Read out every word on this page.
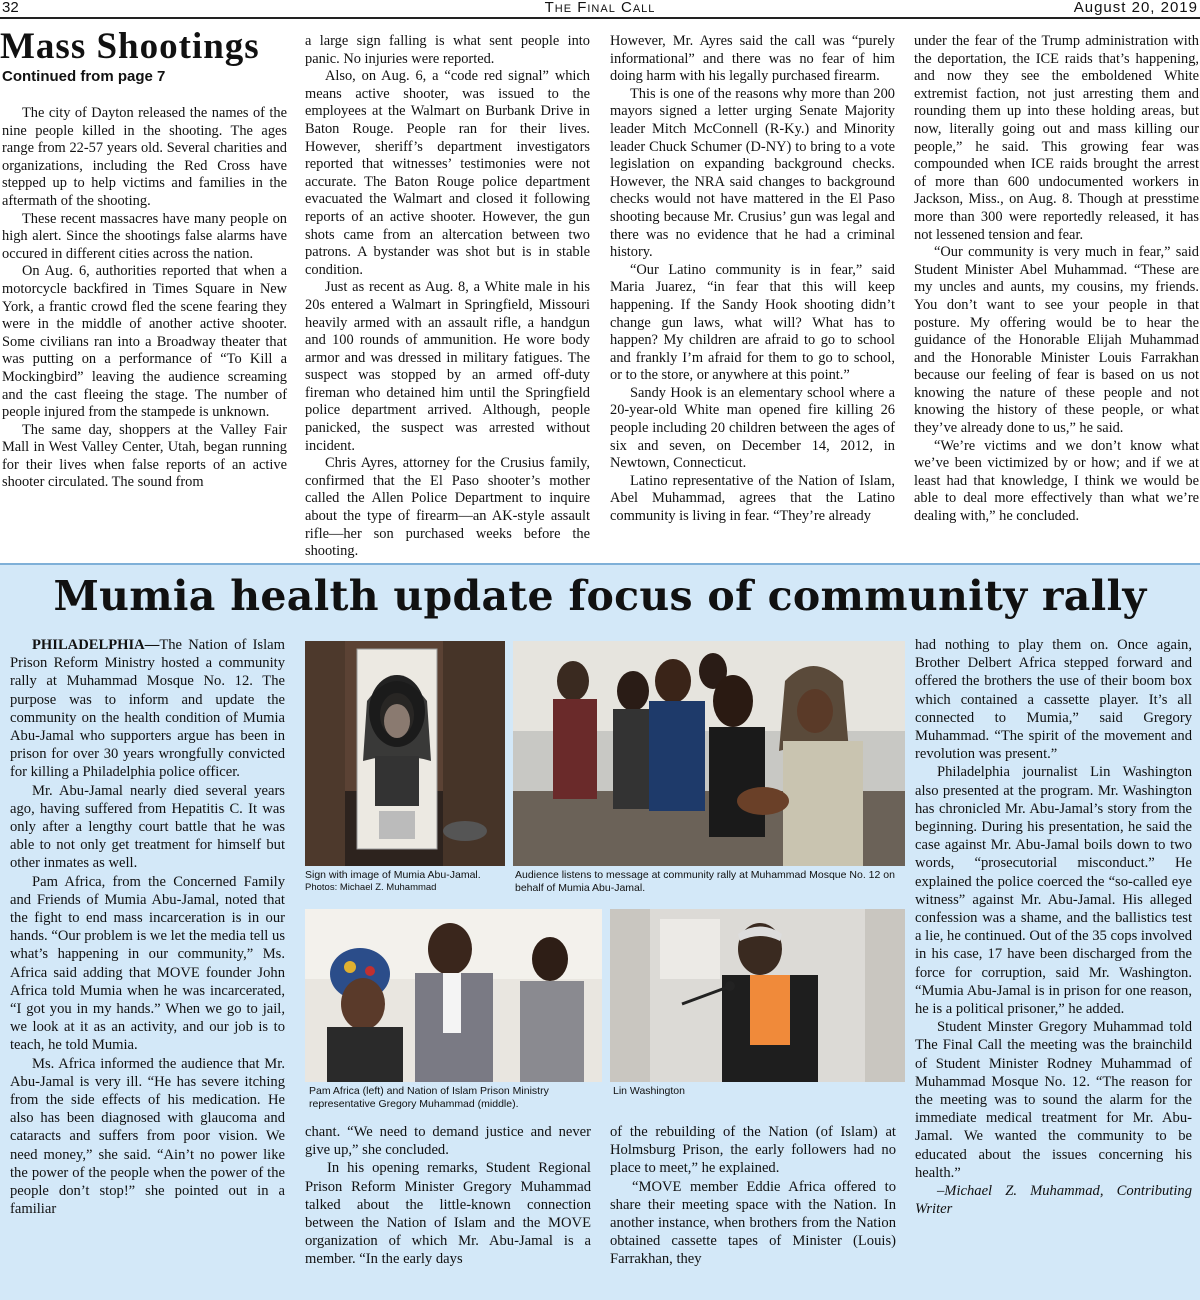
32	The Final Call	August 20, 2019
Mass Shootings
Continued from page 7

The city of Dayton released the names of the nine people killed in the shooting. The ages range from 22-57 years old. Several charities and organizations, including the Red Cross have stepped up to help victims and families in the aftermath of the shooting.

These recent massacres have many people on high alert. Since the shootings false alarms have occured in different cities across the nation.

On Aug. 6, authorities reported that when a motorcycle backfired in Times Square in New York, a frantic crowd fled the scene fearing they were in the middle of another active shooter. Some civilians ran into a Broadway theater that was putting on a performance of “To Kill a Mockingbird” leaving the audience screaming and the cast fleeing the stage. The number of people injured from the stampede is unknown.

The same day, shoppers at the Valley Fair Mall in West Valley Center, Utah, began running for their lives when false reports of an active shooter circulated. The sound from

a large sign falling is what sent people into panic. No injuries were reported.

Also, on Aug. 6, a “code red signal” which means active shooter, was issued to the employees at the Walmart on Burbank Drive in Baton Rouge. People ran for their lives. However, sheriff’s department investigators reported that witnesses’ testimonies were not accurate. The Baton Rouge police department evacuated the Walmart and closed it following reports of an active shooter. However, the gun shots came from an altercation between two patrons. A bystander was shot but is in stable condition.

Just as recent as Aug. 8, a White male in his 20s entered a Walmart in Springfield, Missouri heavily armed with an assault rifle, a handgun and 100 rounds of ammunition. He wore body armor and was dressed in military fatigues. The suspect was stopped by an armed off-duty fireman who detained him until the Springfield police department arrived. Although, people panicked, the suspect was arrested without incident.

Chris Ayres, attorney for the Crusius family, confirmed that the El Paso shooter’s mother called the Allen Police Department to inquire about the type of firearm—an AK-style assault rifle—her son purchased weeks before the shooting.

However, Mr. Ayres said the call was “purely informational” and there was no fear of him doing harm with his legally purchased firearm.

This is one of the reasons why more than 200 mayors signed a letter urging Senate Majority leader Mitch McConnell (R-Ky.) and Minority leader Chuck Schumer (D-NY) to bring to a vote legislation on expanding background checks. However, the NRA said changes to background checks would not have mattered in the El Paso shooting because Mr. Crusius’ gun was legal and there was no evidence that he had a criminal history.

“Our Latino community is in fear,” said Maria Juarez, “in fear that this will keep happening. If the Sandy Hook shooting didn’t change gun laws, what will? What has to happen? My children are afraid to go to school and frankly I’m afraid for them to go to school, or to the store, or anywhere at this point.”

Sandy Hook is an elementary school where a 20-year-old White man opened fire killing 26 people including 20 children between the ages of six and seven, on December 14, 2012, in Newtown, Connecticut.

Latino representative of the Nation of Islam, Abel Muhammad, agrees that the Latino community is living in fear. “They’re already

under the fear of the Trump administration with the deportation, the ICE raids that’s happening, and now they see the emboldened White extremist faction, not just arresting them and rounding them up into these holding areas, but now, literally going out and mass killing our people,” he said. This growing fear was compounded when ICE raids brought the arrest of more than 600 undocumented workers in Jackson, Miss., on Aug. 8. Though at presstime more than 300 were reportedly released, it has not lessened tension and fear.

“Our community is very much in fear,” said Student Minister Abel Muhammad. “These are my uncles and aunts, my cousins, my friends. You don’t want to see your people in that posture. My offering would be to hear the guidance of the Honorable Elijah Muhammad and the Honorable Minister Louis Farrakhan because our feeling of fear is based on us not knowing the nature of these people and not knowing the history of these people, or what they’ve already done to us,” he said.

“We’re victims and we don’t know what we’ve been victimized by or how; and if we at least had that knowledge, I think we would be able to deal more effectively than what we’re dealing with,” he concluded.

Mumia health update focus of community rally

PHILADELPHIA—The Nation of Islam Prison Reform Ministry hosted a community rally at Muhammad Mosque No. 12. The purpose was to inform and update the community on the health condition of Mumia Abu-Jamal who supporters argue has been in prison for over 30 years wrongfully convicted for killing a Philadelphia police officer.

Mr. Abu-Jamal nearly died several years ago, having suffered from Hepatitis C. It was only after a lengthy court battle that he was able to not only get treatment for himself but other inmates as well.

Pam Africa, from the Concerned Family and Friends of Mumia Abu-Jamal, noted that the fight to end mass incarceration is in our hands. “Our problem is we let the media tell us what’s happening in our community,” Ms. Africa said adding that MOVE founder John Africa told Mumia when he was incarcerated, “I got you in my hands.” When we go to jail, we look at it as an activity, and our job is to teach, he told Mumia.

Ms. Africa informed the audience that Mr. Abu-Jamal is very ill. “He has severe itching from the side effects of his medication. He also has been diagnosed with glaucoma and cataracts and suffers from poor vision. We need money,” she said. “Ain’t no power like the power of the people when the power of the people don’t stop!” she pointed out in a familiar

Sign with image of Mumia Abu-Jamal.
Photos: Michael Z. Muhammad
Audience listens to message at community rally at Muhammad Mosque No. 12 on behalf of Mumia Abu-Jamal.
Pam Africa (left) and Nation of Islam Prison Ministry representative Gregory Muhammad (middle).
Lin Washington

chant. “We need to demand justice and never give up,” she concluded.

In his opening remarks, Student Regional Prison Reform Minister Gregory Muhammad talked about the little-known connection between the Nation of Islam and the MOVE organization of which Mr. Abu-Jamal is a member. “In the early days

of the rebuilding of the Nation (of Islam) at Holmsburg Prison, the early followers had no place to meet,” he explained.

“MOVE member Eddie Africa offered to share their meeting space with the Nation. In another instance, when brothers from the Nation obtained cassette tapes of Minister (Louis) Farrakhan, they

had nothing to play them on. Once again, Brother Delbert Africa stepped forward and offered the brothers the use of their boom box which contained a cassette player. It’s all connected to Mumia,” said Gregory Muhammad. “The spirit of the movement and revolution was present.”

Philadelphia journalist Lin Washington also presented at the program. Mr. Washington has chronicled Mr. Abu-Jamal’s story from the beginning. During his presentation, he said the case against Mr. Abu-Jamal boils down to two words, “prosecutorial misconduct.” He explained the police coerced the “so-called eye witness” against Mr. Abu-Jamal. His alleged confession was a shame, and the ballistics test a lie, he continued. Out of the 35 cops involved in his case, 17 have been discharged from the force for corruption, said Mr. Washington. “Mumia Abu-Jamal is in prison for one reason, he is a political prisoner,” he added.

Student Minster Gregory Muhammad told The Final Call the meeting was the brainchild of Student Minister Rodney Muhammad of Muhammad Mosque No. 12. “The reason for the meeting was to sound the alarm for the immediate medical treatment for Mr. Abu-Jamal. We wanted the community to be educated about the issues concerning his health.”

–Michael Z. Muhammad, Contributing Writer
